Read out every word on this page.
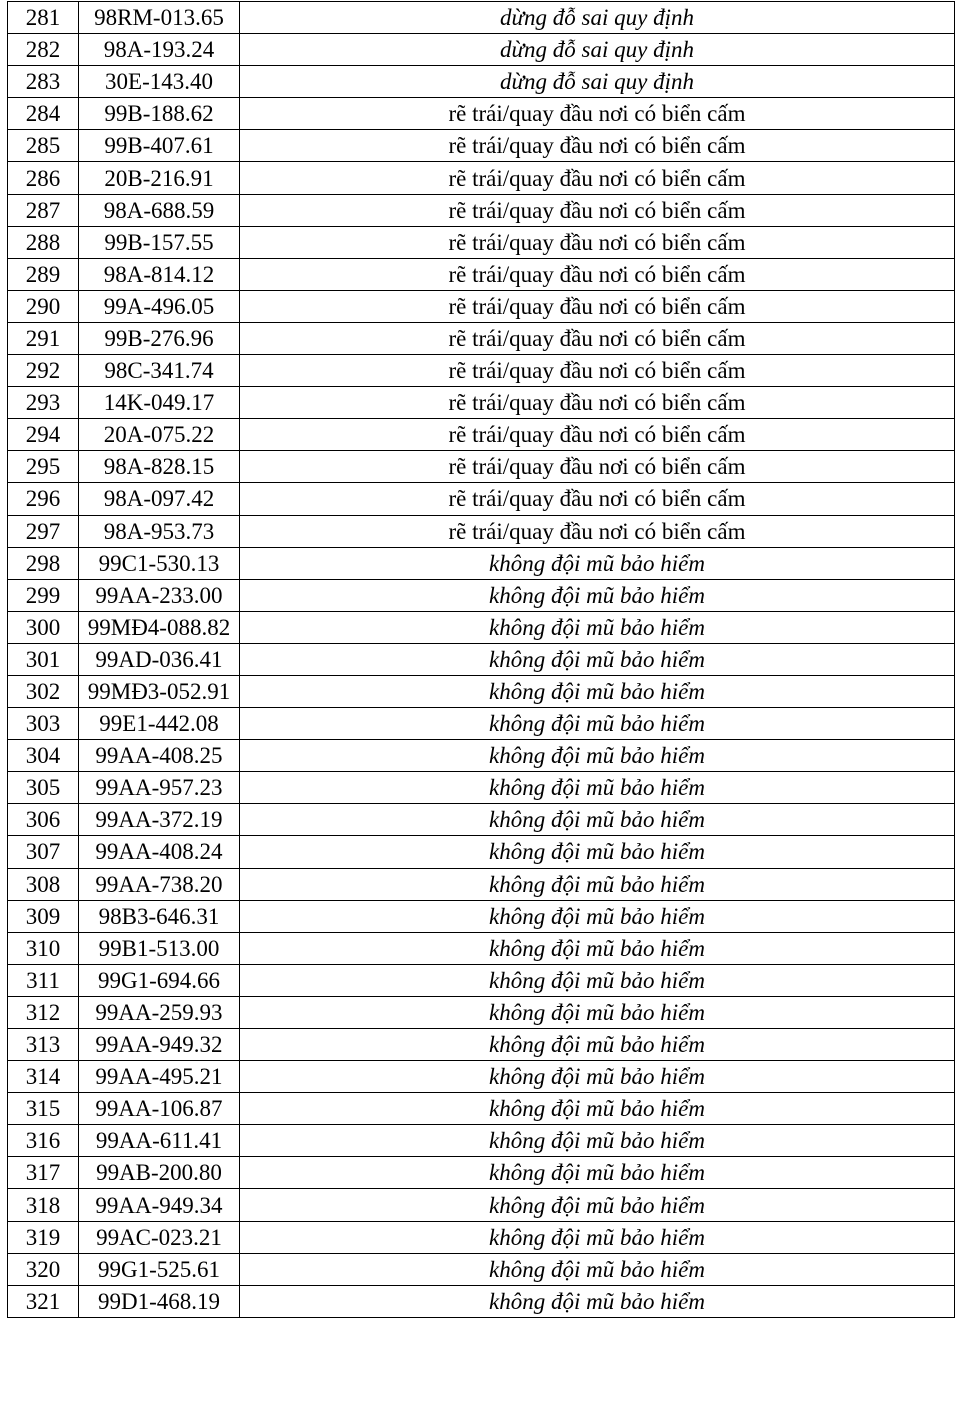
281	98RM-013.65	dừng đỗ sai quy định
282	98A-193.24	dừng đỗ sai quy định
283	30E-143.40	dừng đỗ sai quy định
284	99B-188.62	rẽ trái/quay đầu nơi có biển cấm
285	99B-407.61	rẽ trái/quay đầu nơi có biển cấm
286	20B-216.91	rẽ trái/quay đầu nơi có biển cấm
287	98A-688.59	rẽ trái/quay đầu nơi có biển cấm
288	99B-157.55	rẽ trái/quay đầu nơi có biển cấm
289	98A-814.12	rẽ trái/quay đầu nơi có biển cấm
290	99A-496.05	rẽ trái/quay đầu nơi có biển cấm
291	99B-276.96	rẽ trái/quay đầu nơi có biển cấm
292	98C-341.74	rẽ trái/quay đầu nơi có biển cấm
293	14K-049.17	rẽ trái/quay đầu nơi có biển cấm
294	20A-075.22	rẽ trái/quay đầu nơi có biển cấm
295	98A-828.15	rẽ trái/quay đầu nơi có biển cấm
296	98A-097.42	rẽ trái/quay đầu nơi có biển cấm
297	98A-953.73	rẽ trái/quay đầu nơi có biển cấm
298	99C1-530.13	không đội mũ bảo hiểm
299	99AA-233.00	không đội mũ bảo hiểm
300	99MĐ4-088.82	không đội mũ bảo hiểm
301	99AD-036.41	không đội mũ bảo hiểm
302	99MĐ3-052.91	không đội mũ bảo hiểm
303	99E1-442.08	không đội mũ bảo hiểm
304	99AA-408.25	không đội mũ bảo hiểm
305	99AA-957.23	không đội mũ bảo hiểm
306	99AA-372.19	không đội mũ bảo hiểm
307	99AA-408.24	không đội mũ bảo hiểm
308	99AA-738.20	không đội mũ bảo hiểm
309	98B3-646.31	không đội mũ bảo hiểm
310	99B1-513.00	không đội mũ bảo hiểm
311	99G1-694.66	không đội mũ bảo hiểm
312	99AA-259.93	không đội mũ bảo hiểm
313	99AA-949.32	không đội mũ bảo hiểm
314	99AA-495.21	không đội mũ bảo hiểm
315	99AA-106.87	không đội mũ bảo hiểm
316	99AA-611.41	không đội mũ bảo hiểm
317	99AB-200.80	không đội mũ bảo hiểm
318	99AA-949.34	không đội mũ bảo hiểm
319	99AC-023.21	không đội mũ bảo hiểm
320	99G1-525.61	không đội mũ bảo hiểm
321	99D1-468.19	không đội mũ bảo hiểm
